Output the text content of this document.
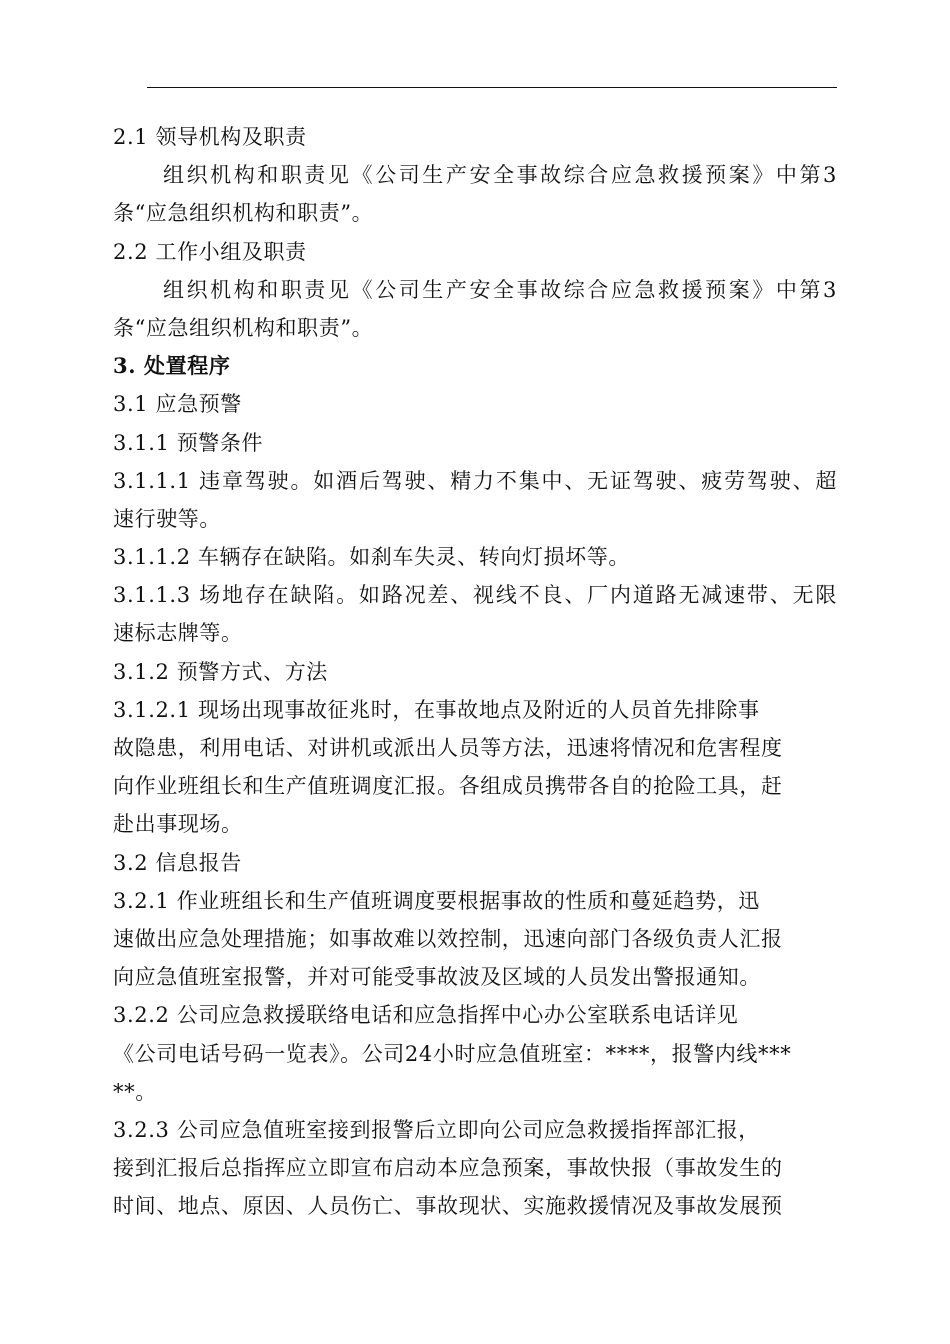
2.1 领导机构及职责
组织机构和职责见《公司生产安全事故综合应急救援预案》中第3
条“应急组织机构和职责”。
2.2 工作小组及职责
组织机构和职责见《公司生产安全事故综合应急救援预案》中第3
条“应急组织机构和职责”。
3. 处置程序
3.1 应急预警
3.1.1 预警条件
3.1.1.1 违章驾驶。如酒后驾驶、精力不集中、无证驾驶、疲劳驾驶、超
速行驶等。
3.1.1.2 车辆存在缺陷。如刹车失灵、转向灯损坏等。
3.1.1.3 场地存在缺陷。如路况差、视线不良、厂内道路无减速带、无限
速标志牌等。
3.1.2 预警方式、方法
3.1.2.1 现场出现事故征兆时，在事故地点及附近的人员首先排除事
故隐患，利用电话、对讲机或派出人员等方法，迅速将情况和危害程度
向作业班组长和生产值班调度汇报。各组成员携带各自的抢险工具，赶
赴出事现场。
3.2 信息报告
3.2.1 作业班组长和生产值班调度要根据事故的性质和蔓延趋势，迅
速做出应急处理措施；如事故难以效控制，迅速向部门各级负责人汇报
向应急值班室报警，并对可能受事故波及区域的人员发出警报通知。
3.2.2 公司应急救援联络电话和应急指挥中心办公室联系电话详见
《公司电话号码一览表》。公司24小时应急值班室：****，报警内线***
**。
3.2.3 公司应急值班室接到报警后立即向公司应急救援指挥部汇报，
接到汇报后总指挥应立即宣布启动本应急预案，事故快报（事故发生的
时间、地点、原因、人员伤亡、事故现状、实施救援情况及事故发展预
